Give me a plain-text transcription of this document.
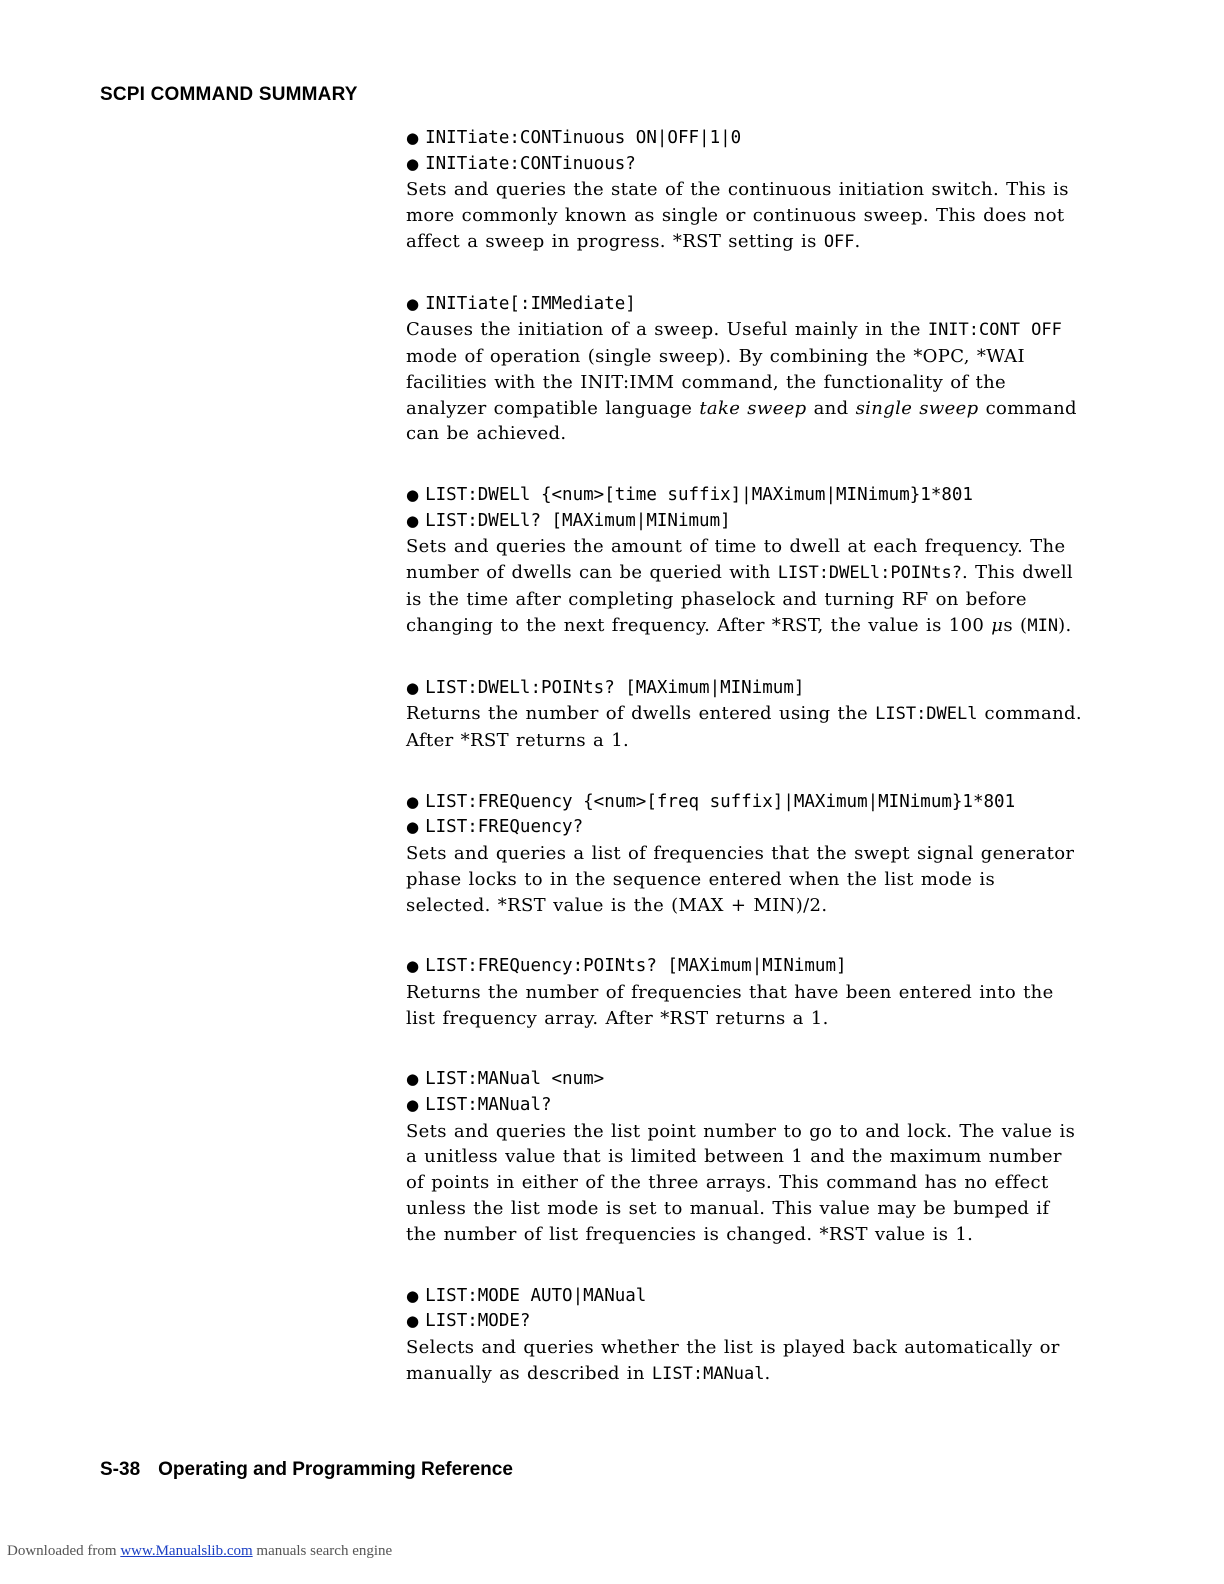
SCPI COMMAND SUMMARY
● INITiate:CONTinuous ON|OFF|1|0
● INITiate:CONTinuous?
Sets and queries the state of the continuous initiation switch. This is more commonly known as single or continuous sweep. This does not affect a sweep in progress. *RST setting is OFF.
● INITiate[:IMMediate]
Causes the initiation of a sweep. Useful mainly in the INIT:CONT OFF mode of operation (single sweep). By combining the *OPC, *WAI facilities with the INIT:IMM command, the functionality of the analyzer compatible language take sweep and single sweep command can be achieved.
● LIST:DWELl {<num>[time suffix]|MAXimum|MINimum}1*801
● LIST:DWELl? [MAXimum|MINimum]
Sets and queries the amount of time to dwell at each frequency. The number of dwells can be queried with LIST:DWELl:POINts?. This dwell is the time after completing phaselock and turning RF on before changing to the next frequency. After *RST, the value is 100 μs (MIN).
● LIST:DWELl:POINts? [MAXimum|MINimum]
Returns the number of dwells entered using the LIST:DWELl command. After *RST returns a 1.
● LIST:FREQuency {<num>[freq suffix]|MAXimum|MINimum}1*801
● LIST:FREQuency?
Sets and queries a list of frequencies that the swept signal generator phase locks to in the sequence entered when the list mode is selected. *RST value is the (MAX + MIN)/2.
● LIST:FREQuency:POINts? [MAXimum|MINimum]
Returns the number of frequencies that have been entered into the list frequency array. After *RST returns a 1.
● LIST:MANual <num>
● LIST:MANual?
Sets and queries the list point number to go to and lock. The value is a unitless value that is limited between 1 and the maximum number of points in either of the three arrays. This command has no effect unless the list mode is set to manual. This value may be bumped if the number of list frequencies is changed. *RST value is 1.
● LIST:MODE AUTO|MANual
● LIST:MODE?
Selects and queries whether the list is played back automatically or manually as described in LIST:MANual.
S-38 Operating and Programming Reference
Downloaded from www.Manualslib.com manuals search engine
